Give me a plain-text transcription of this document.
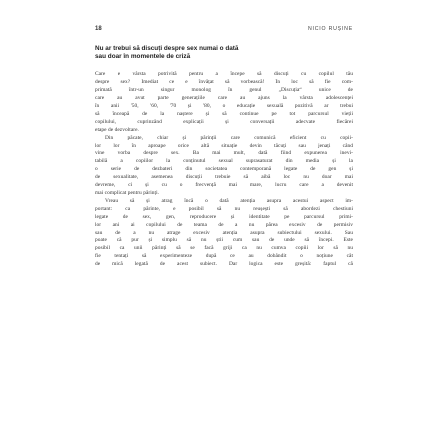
18	NICIO RUȘINE
Nu ar trebui să discuți despre sex numai o dată sau doar în momentele de criză
Care e vârsta potrivită pentru a începe să discuți cu copilul tău
despre sex? Imediat ce e învățat să vorbească! În loc să fie com-
primată într-un singur monolog în genul „Discuția“ unice de
care au avut parte generațiile care au ajuns la vârsta adolescenței
în anii '50, '60, '70 și '80, o educație sexuală pozitivă ar trebui
să înceapă de la naștere și să continue pe tot parcursul vieții
copilului, cuprinzând explicații și conversații adecvate fiecărei
etape de dezvoltare.
Din păcate, chiar și părinții care comunică eficient cu copii-
lor lor în aproape orice altă situație devin tăcuți sau jenați când
vine vorba despre sex. Ba mai mult, dată fiind expunerea inevi-
tabilă a copiilor la conținutul sexual suprasaturat din media și la
o serie de dezbateri din societatea contemporană legate de gen și
de sexualitate, asemenea discuții trebuie să aibă loc nu doar mai
devreme, ci și cu o frecvență mai mare, lucru care a devenit
mai complicat pentru părinți.
Vreau să și atrag încă o dată atenția asupra acestui aspect im-
portant: ca părinte, e posibil să nu reușești să abordezi chestiuni
legate de sex, gen, reproducere și identitate pe parcursul primi-
lor ani ai copilului de teama de a nu părea excesiv de permisiv
sau de a nu atrage excesiv atenția asupra subiectului sexului. Sau
poate că pur și simplu să nu știi cum sau de unde să începi. Este
posibil ca unii părinți să se facă griji ca nu cumva copiii lor să nu
fie tentați să experimenteze după ce au dobândit o noțiune cât
de mică legată de acest subiect. Dar logica este greșită: faptul că
